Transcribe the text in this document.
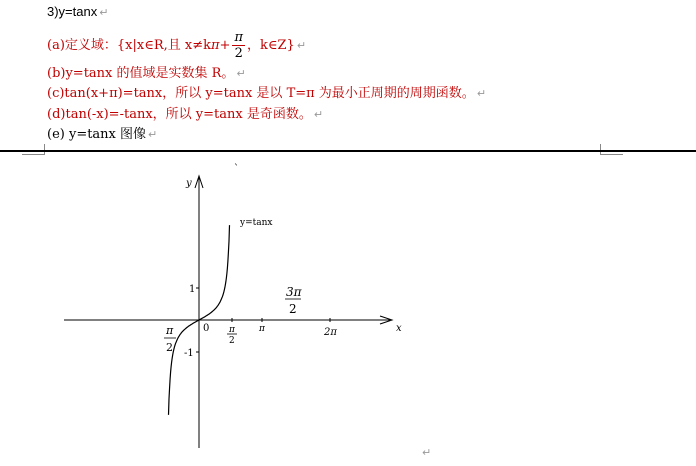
3)y=tanx ↵
(a)定义域：{x|x∈R,且 $x\ne k\pi+ \frac{\pi}{2}$ ，k∈Z} ↵
(b)y=tanx 的值域是实数集 R。 ↵
(c)tan(x+π)=tanx，所以 y=tanx 是以 T=π 为最小正周期的周期函数。 ↵
(d)tan(-x)=-tanx，所以 y=tanx 是奇函数。 ↵
(e) y=tanx 图像 ↵
`
x
y
1
-1
0
π
2
π
2
π
3π
2
2π
y=tanx
↵
